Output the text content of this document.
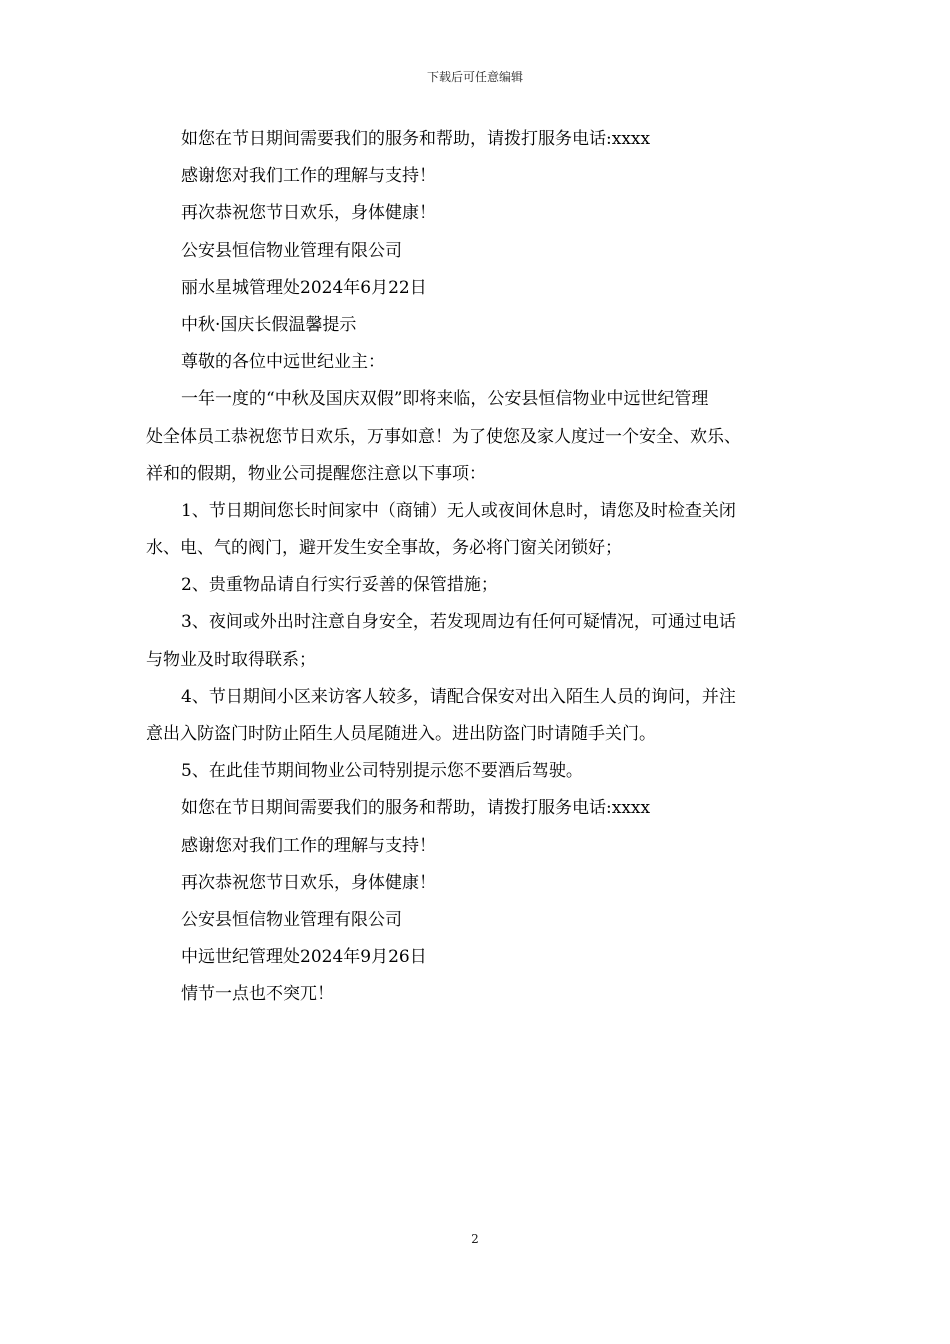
下载后可任意编辑
如您在节日期间需要我们的服务和帮助，请拨打服务电话:xxxx
感谢您对我们工作的理解与支持！
再次恭祝您节日欢乐，身体健康！
公安县恒信物业管理有限公司
丽水星城管理处2024年6月22日
中秋·国庆长假温馨提示
尊敬的各位中远世纪业主：
一年一度的“中秋及国庆双假”即将来临，公安县恒信物业中远世纪管理
处全体员工恭祝您节日欢乐，万事如意！为了使您及家人度过一个安全、欢乐、
祥和的假期，物业公司提醒您注意以下事项：
1、节日期间您长时间家中（商铺）无人或夜间休息时，请您及时检查关闭
水、电、气的阀门，避开发生安全事故，务必将门窗关闭锁好；
2、贵重物品请自行实行妥善的保管措施；
3、夜间或外出时注意自身安全，若发现周边有任何可疑情况，可通过电话
与物业及时取得联系；
4、节日期间小区来访客人较多，请配合保安对出入陌生人员的询问，并注
意出入防盗门时防止陌生人员尾随进入。进出防盗门时请随手关门。
5、在此佳节期间物业公司特别提示您不要酒后驾驶。
如您在节日期间需要我们的服务和帮助，请拨打服务电话:xxxx
感谢您对我们工作的理解与支持！
再次恭祝您节日欢乐，身体健康！
公安县恒信物业管理有限公司
中远世纪管理处2024年9月26日
情节一点也不突兀！
2
